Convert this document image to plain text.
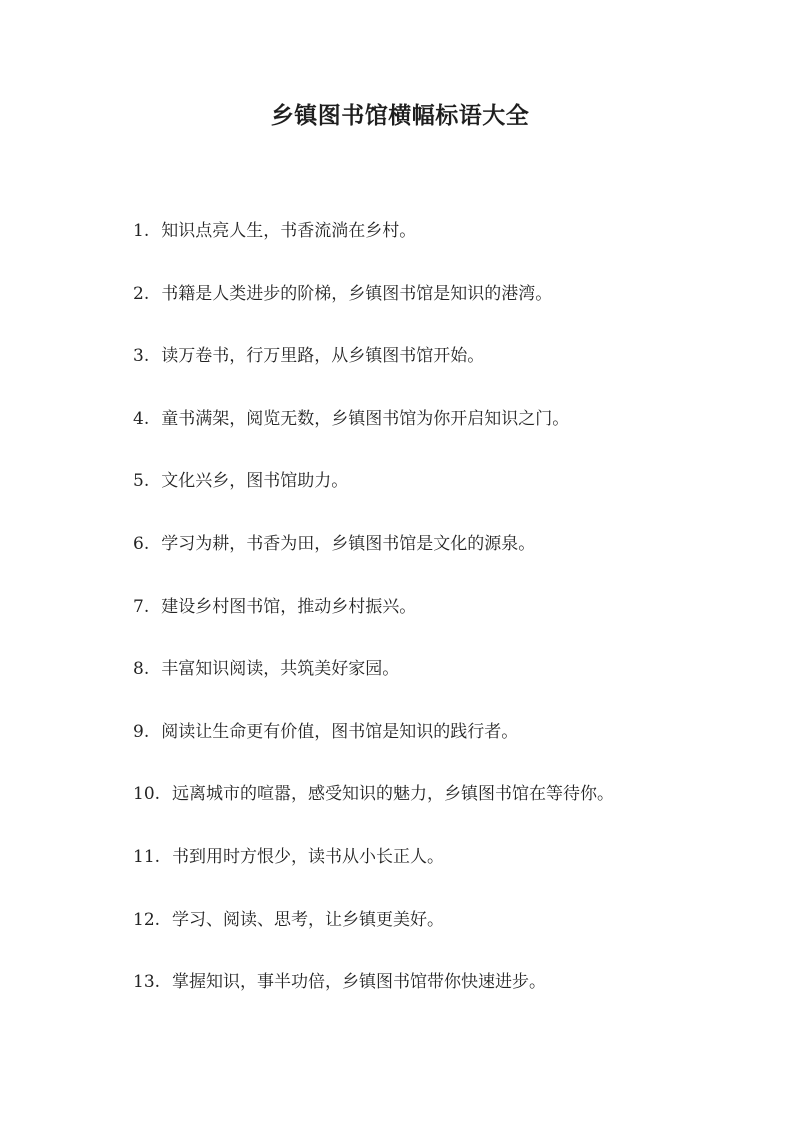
乡镇图书馆横幅标语大全
1. 知识点亮人生，书香流淌在乡村。
2. 书籍是人类进步的阶梯，乡镇图书馆是知识的港湾。
3. 读万卷书，行万里路，从乡镇图书馆开始。
4. 童书满架，阅览无数，乡镇图书馆为你开启知识之门。
5. 文化兴乡，图书馆助力。
6. 学习为耕，书香为田，乡镇图书馆是文化的源泉。
7. 建设乡村图书馆，推动乡村振兴。
8. 丰富知识阅读，共筑美好家园。
9. 阅读让生命更有价值，图书馆是知识的践行者。
10. 远离城市的喧嚣，感受知识的魅力，乡镇图书馆在等待你。
11. 书到用时方恨少，读书从小长正人。
12. 学习、阅读、思考，让乡镇更美好。
13. 掌握知识，事半功倍，乡镇图书馆带你快速进步。
